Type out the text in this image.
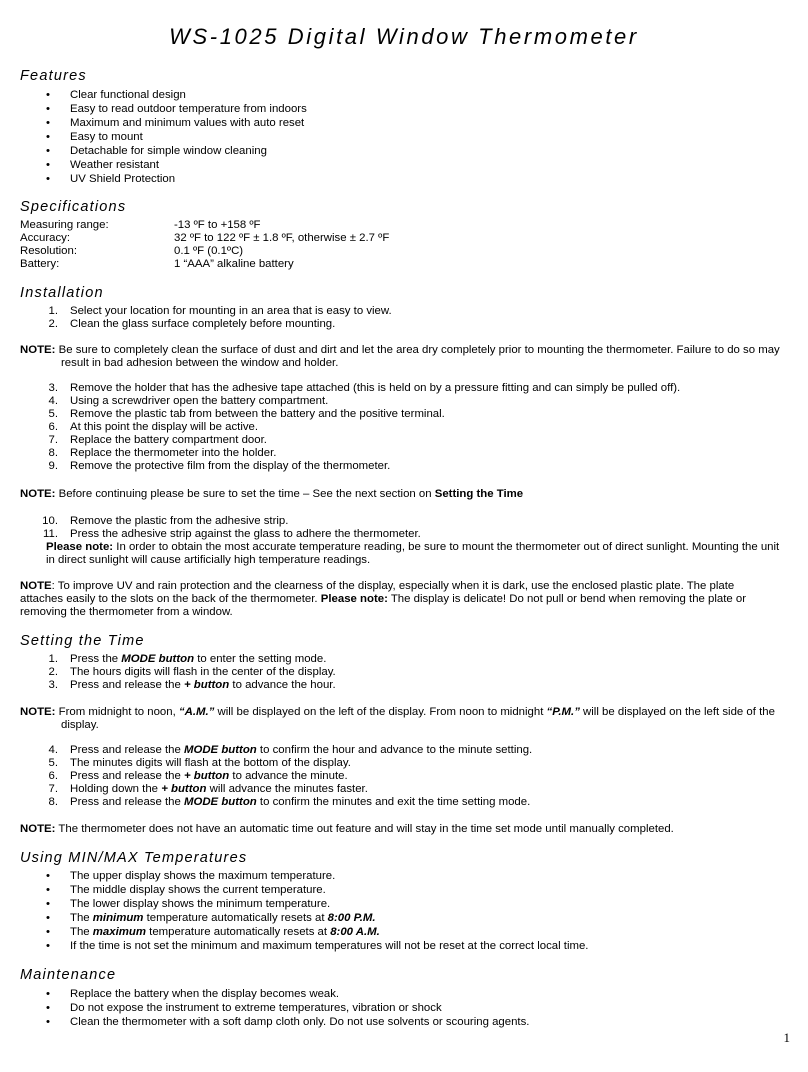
WS-1025 Digital Window Thermometer
Features
• Clear functional design
• Easy to read outdoor temperature from indoors
• Maximum and minimum values with auto reset
• Easy to mount
• Detachable for simple window cleaning
• Weather resistant
• UV Shield Protection
Specifications
Measuring range:	-13 ºF to +158 ºF
Accuracy:	32 ºF to 122 ºF ± 1.8 ºF, otherwise ± 2.7 ºF
Resolution:	0.1 ºF (0.1ºC)
Battery:	1 “AAA” alkaline battery
Installation
1. Select your location for mounting in an area that is easy to view.
2. Clean the glass surface completely before mounting.
NOTE: Be sure to completely clean the surface of dust and dirt and let the area dry completely prior to mounting the thermometer. Failure to do so may
result in bad adhesion between the window and holder.
3. Remove the holder that has the adhesive tape attached (this is held on by a pressure fitting and can simply be pulled off).
4. Using a screwdriver open the battery compartment.
5. Remove the plastic tab from between the battery and the positive terminal.
6. At this point the display will be active.
7. Replace the battery compartment door.
8. Replace the thermometer into the holder.
9. Remove the protective film from the display of the thermometer.
NOTE: Before continuing please be sure to set the time – See the next section on Setting the Time
10. Remove the plastic from the adhesive strip.
11. Press the adhesive strip against the glass to adhere the thermometer.
Please note: In order to obtain the most accurate temperature reading, be sure to mount the thermometer out of direct sunlight. Mounting the unit
in direct sunlight will cause artificially high temperature readings.
NOTE: To improve UV and rain protection and the clearness of the display, especially when it is dark, use the enclosed plastic plate. The plate
attaches easily to the slots on the back of the thermometer. Please note: The display is delicate! Do not pull or bend when removing the plate or
removing the thermometer from a window.
Setting the Time
1. Press the MODE button to enter the setting mode.
2. The hours digits will flash in the center of the display.
3. Press and release the + button to advance the hour.
NOTE: From midnight to noon, “A.M.” will be displayed on the left of the display. From noon to midnight “P.M.” will be displayed on the left side of the
display.
4. Press and release the MODE button to confirm the hour and advance to the minute setting.
5. The minutes digits will flash at the bottom of the display.
6. Press and release the + button to advance the minute.
7. Holding down the + button will advance the minutes faster.
8. Press and release the MODE button to confirm the minutes and exit the time setting mode.
NOTE: The thermometer does not have an automatic time out feature and will stay in the time set mode until manually completed.
Using MIN/MAX Temperatures
• The upper display shows the maximum temperature.
• The middle display shows the current temperature.
• The lower display shows the minimum temperature.
• The minimum temperature automatically resets at 8:00 P.M.
• The maximum temperature automatically resets at 8:00 A.M.
• If the time is not set the minimum and maximum temperatures will not be reset at the correct local time.
Maintenance
• Replace the battery when the display becomes weak.
• Do not expose the instrument to extreme temperatures, vibration or shock
• Clean the thermometer with a soft damp cloth only. Do not use solvents or scouring agents.
1
